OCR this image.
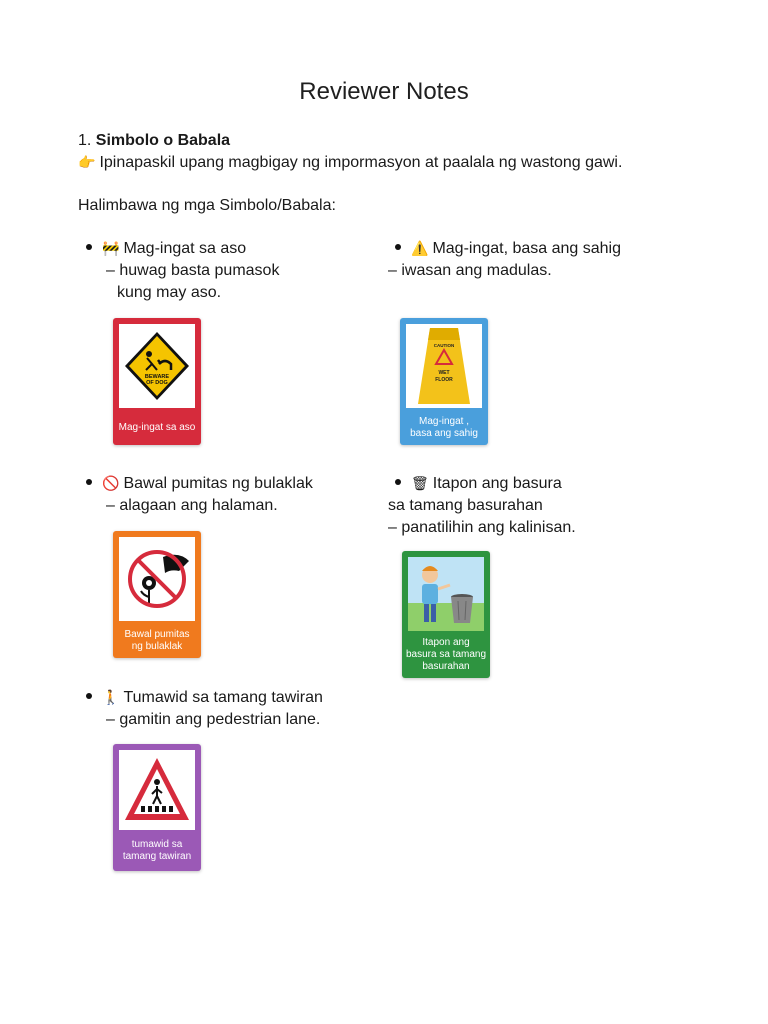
Reviewer Notes
1. Simbolo o Babala
👉 Ipinapaskil upang magbigay ng impormasyon at paalala ng wastong gawi.
Halimbawa ng mga Simbolo/Babala:
🚧 Mag-ingat sa aso
– huwag basta pumasok
kung may aso.
BEWARE
OF DOG
Mag-ingat sa aso
⚠️ Mag-ingat, basa ang sahig
– iwasan ang madulas.
CAUTION
WET
FLOOR
Mag-ingat ,
basa ang sahig
🚫 Bawal pumitas ng bulaklak
– alagaan ang halaman.
Bawal pumitas
ng bulaklak
🗑 Itapon ang basura
sa tamang basurahan
– panatilihin ang kalinisan.
Itapon ang
basura sa tamang
basurahan
🚶 Tumawid sa tamang tawiran
– gamitin ang pedestrian lane.
tumawid sa
tamang tawiran
